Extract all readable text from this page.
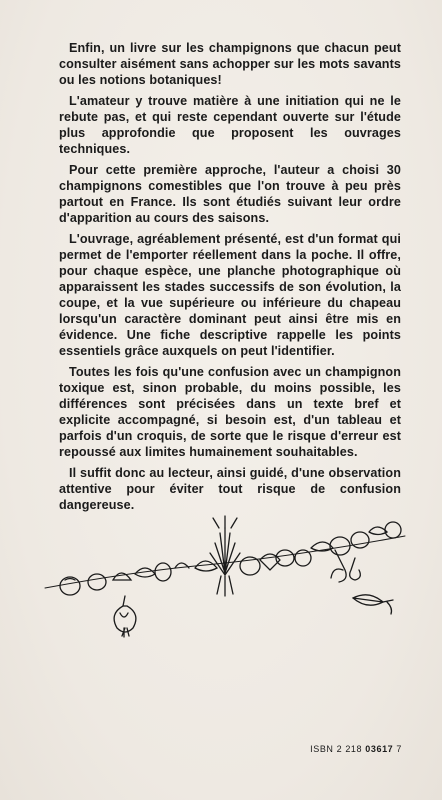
Enfin, un livre sur les champignons que chacun peut consulter aisément sans achopper sur les mots savants ou les notions botaniques!

L'amateur y trouve matière à une initiation qui ne le rebute pas, et qui reste cependant ouverte sur l'étude plus approfondie que proposent les ouvrages techniques.

Pour cette première approche, l'auteur a choisi 30 champignons comestibles que l'on trouve à peu près partout en France. Ils sont étudiés suivant leur ordre d'apparition au cours des saisons.

L'ouvrage, agréablement présenté, est d'un format qui permet de l'emporter réellement dans la poche. Il offre, pour chaque espèce, une planche photographique où apparaissent les stades successifs de son évolution, la coupe, et la vue supérieure ou inférieure du chapeau lorsqu'un caractère dominant peut ainsi être mis en évidence. Une fiche descriptive rappelle les points essentiels grâce auxquels on peut l'identifier.

Toutes les fois qu'une confusion avec un champignon toxique est, sinon probable, du moins possible, les différences sont précisées dans un texte bref et explicite accompagné, si besoin est, d'un tableau et parfois d'un croquis, de sorte que le risque d'erreur est repoussé aux limites humainement souhaitables.

Il suffit donc au lecteur, ainsi guidé, d'une observation attentive pour éviter tout risque de confusion dangereuse.

ISBN 2 218 03617 7
